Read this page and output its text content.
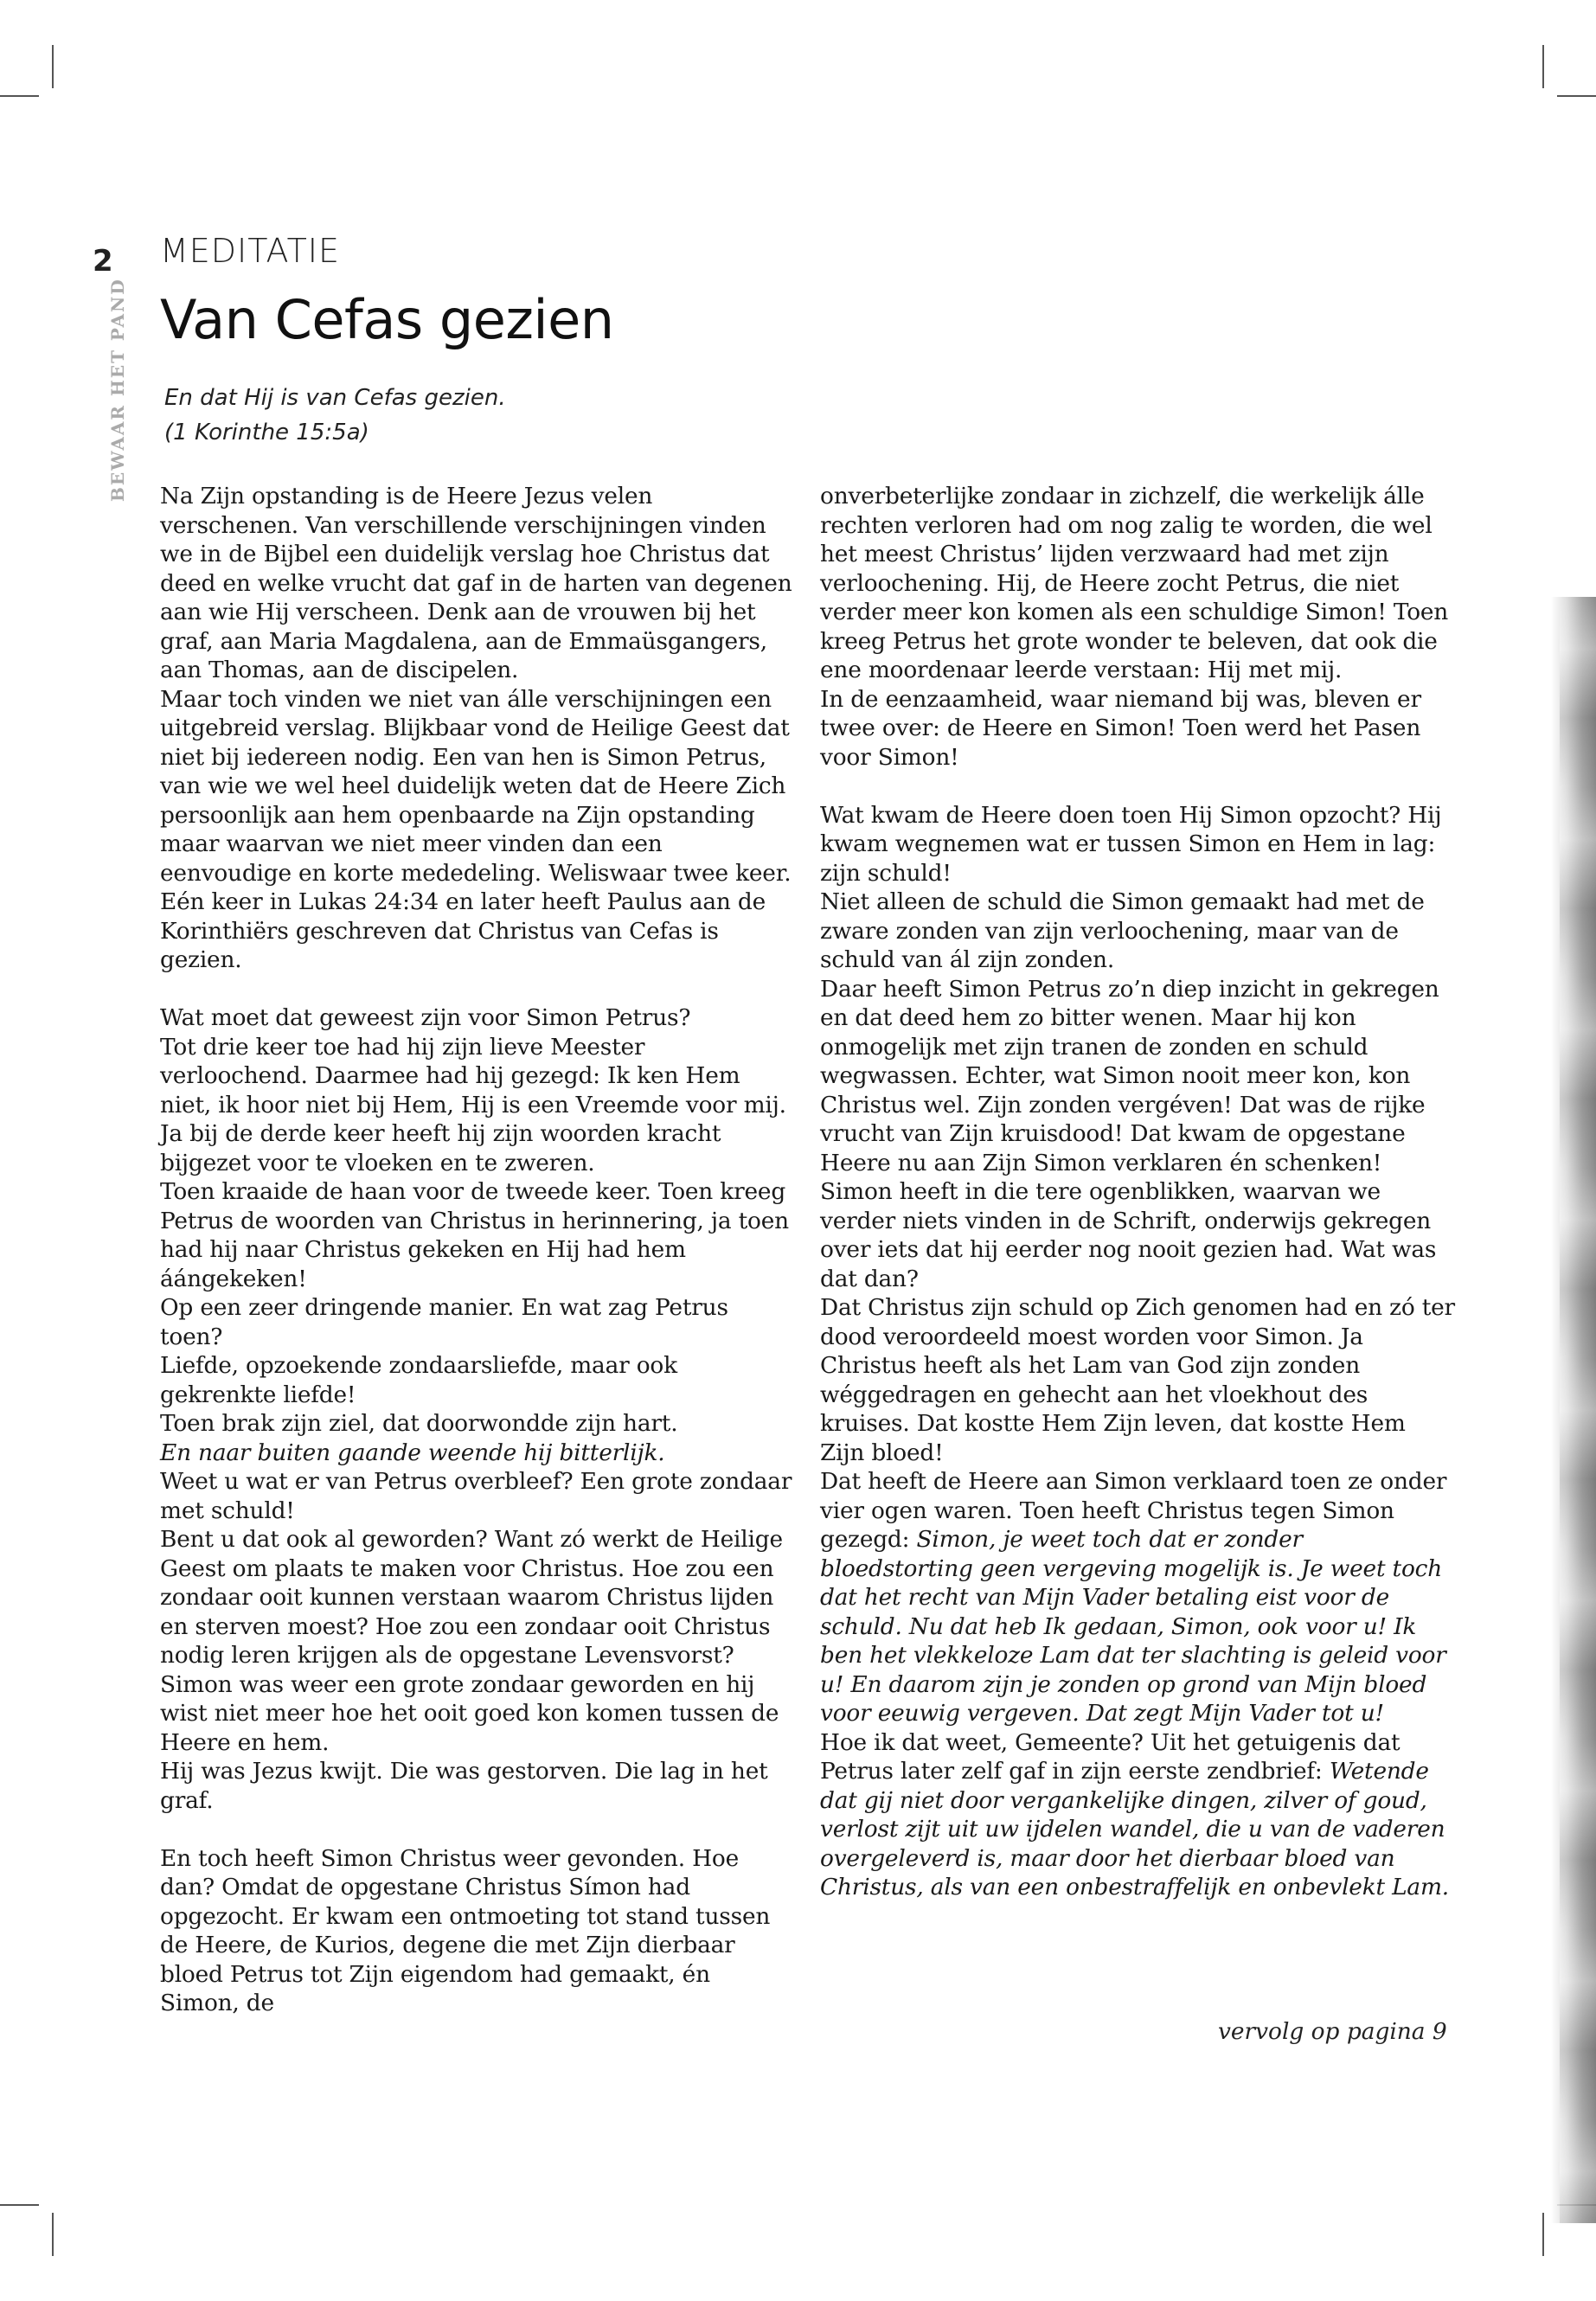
2
BEWAAR HET PAND
MEDITATIE
Van Cefas gezien
En dat Hij is van Cefas gezien.
(1 Korinthe 15:5a)

Na Zijn opstanding is de Heere Jezus velen verschenen. Van verschillende verschijningen vinden we in de Bijbel een duidelijk verslag hoe Christus dat deed en welke vrucht dat gaf in de harten van degenen aan wie Hij verscheen. Denk aan de vrouwen bij het graf, aan Maria Magdalena, aan de Emmaüsgangers, aan Thomas, aan de discipelen.

Maar toch vinden we niet van álle verschijningen een uitgebreid verslag. Blijkbaar vond de Heilige Geest dat niet bij iedereen nodig. Een van hen is Simon Petrus, van wie we wel heel duidelijk weten dat de Heere Zich persoonlijk aan hem openbaarde na Zijn opstanding maar waarvan we niet meer vinden dan een eenvoudige en korte mededeling. Weliswaar twee keer. Eén keer in Lukas 24:34 en later heeft Paulus aan de Korinthiërs geschreven dat Christus van Cefas is gezien.

Wat moet dat geweest zijn voor Simon Petrus?

Tot drie keer toe had hij zijn lieve Meester verloochend. Daarmee had hij gezegd: Ik ken Hem niet, ik hoor niet bij Hem, Hij is een Vreemde voor mij.

Ja bij de derde keer heeft hij zijn woorden kracht bijgezet voor te vloeken en te zweren.

Toen kraaide de haan voor de tweede keer. Toen kreeg Petrus de woorden van Christus in herinnering, ja toen had hij naar Christus gekeken en Hij had hem áángekeken!

Op een zeer dringende manier. En wat zag Petrus toen?

Liefde, opzoekende zondaarsliefde, maar ook gekrenkte liefde!

Toen brak zijn ziel, dat doorwondde zijn hart.

En naar buiten gaande weende hij bitterlijk.

Weet u wat er van Petrus overbleef? Een grote zondaar met schuld!

Bent u dat ook al geworden? Want zó werkt de Heilige Geest om plaats te maken voor Christus. Hoe zou een zondaar ooit kunnen verstaan waarom Christus lijden en sterven moest? Hoe zou een zondaar ooit Christus nodig leren krijgen als de opgestane Levensvorst?

Simon was weer een grote zondaar geworden en hij wist niet meer hoe het ooit goed kon komen tussen de Heere en hem.

Hij was Jezus kwijt. Die was gestorven. Die lag in het graf.

En toch heeft Simon Christus weer gevonden. Hoe dan? Omdat de opgestane Christus Símon had opgezocht. Er kwam een ontmoeting tot stand tussen de Heere, de Kurios, degene die met Zijn dierbaar bloed Petrus tot Zijn eigendom had gemaakt, én Simon, de

onverbeterlijke zondaar in zichzelf, die werkelijk álle rechten verloren had om nog zalig te worden, die wel het meest Christus’ lijden verzwaard had met zijn verloochening. Hij, de Heere zocht Petrus, die niet verder meer kon komen als een schuldige Simon! Toen kreeg Petrus het grote wonder te beleven, dat ook die ene moordenaar leerde verstaan: Hij met mij.

In de eenzaamheid, waar niemand bij was, bleven er twee over: de Heere en Simon! Toen werd het Pasen voor Simon!

Wat kwam de Heere doen toen Hij Simon opzocht? Hij kwam wegnemen wat er tussen Simon en Hem in lag: zijn schuld!

Niet alleen de schuld die Simon gemaakt had met de zware zonden van zijn verloochening, maar van de schuld van ál zijn zonden.

Daar heeft Simon Petrus zo’n diep inzicht in gekregen en dat deed hem zo bitter wenen. Maar hij kon onmogelijk met zijn tranen de zonden en schuld wegwassen. Echter, wat Simon nooit meer kon, kon Christus wel. Zijn zonden vergéven! Dat was de rijke vrucht van Zijn kruisdood! Dat kwam de opgestane Heere nu aan Zijn Simon verklaren én schenken! Simon heeft in die tere ogenblikken, waarvan we verder niets vinden in de Schrift, onderwijs gekregen over iets dat hij eerder nog nooit gezien had. Wat was dat dan?

Dat Christus zijn schuld op Zich genomen had en zó ter dood veroordeeld moest worden voor Simon. Ja Christus heeft als het Lam van God zijn zonden wéggedragen en gehecht aan het vloekhout des kruises. Dat kostte Hem Zijn leven, dat kostte Hem Zijn bloed!

Dat heeft de Heere aan Simon verklaard toen ze onder vier ogen waren. Toen heeft Christus tegen Simon gezegd: Simon, je weet toch dat er zonder bloedstorting geen vergeving mogelijk is. Je weet toch dat het recht van Mijn Vader betaling eist voor de schuld. Nu dat heb Ik gedaan, Simon, ook voor u! Ik ben het vlekkeloze Lam dat ter slachting is geleid voor u! En daarom zijn je zonden op grond van Mijn bloed voor eeuwig vergeven. Dat zegt Mijn Vader tot u!

Hoe ik dat weet, Gemeente? Uit het getuigenis dat Petrus later zelf gaf in zijn eerste zendbrief: Wetende dat gij niet door vergankelijke dingen, zilver of goud, verlost zijt uit uw ijdelen wandel, die u van de vaderen overgeleverd is, maar door het dierbaar bloed van Christus, als van een onbestraffelijk en onbevlekt Lam.

vervolg op pagina 9
